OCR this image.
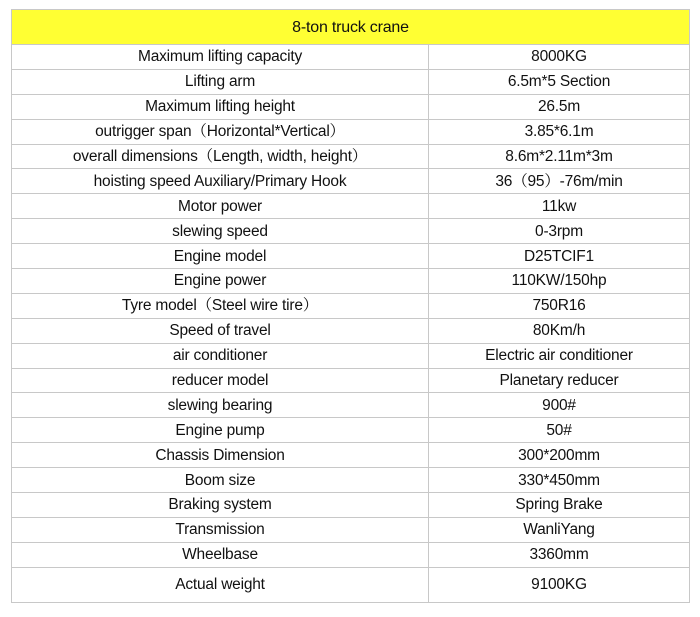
8-ton truck crane	
Maximum lifting capacity	8000KG
Lifting arm	6.5m*5 Section
Maximum lifting height	26.5m
outrigger span（Horizontal*Vertical）	3.85*6.1m
overall dimensions（Length, width, height）	8.6m*2.11m*3m
hoisting speed Auxiliary/Primary Hook	36（95）-76m/min
Motor power	11kw
slewing speed	0-3rpm
Engine model	D25TCIF1
Engine power	110KW/150hp
Tyre model（Steel wire tire）	750R16
Speed of travel	80Km/h
air conditioner	Electric air conditioner
reducer model	Planetary reducer
slewing bearing	900#
Engine pump	50#
Chassis Dimension	300*200mm
Boom size	330*450mm
Braking system	Spring Brake
Transmission	WanliYang
Wheelbase	3360mm
Actual weight	9100KG
